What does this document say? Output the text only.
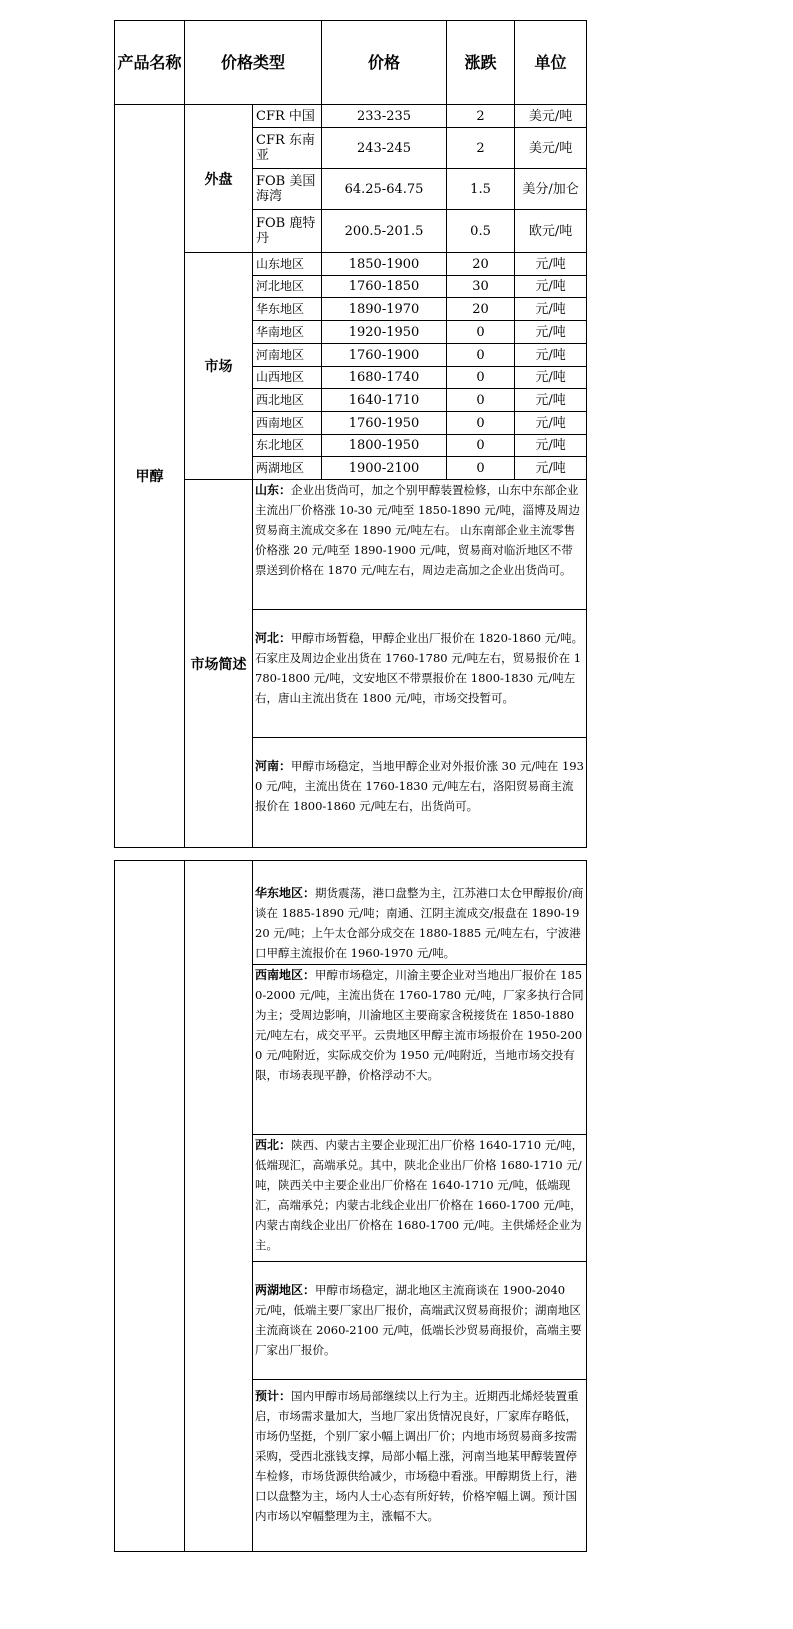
产品名称	价格类型		价格	涨跌	单位
甲醇	外盘	CFR 中国	233-235	2	美元/吨
		CFR 东南亚	243-245	2	美元/吨
		FOB 美国海湾	64.25-64.75	1.5	美分/加仑
		FOB 鹿特丹	200.5-201.5	0.5	欧元/吨
	市场	山东地区	1850-1900	20	元/吨
		河北地区	1760-1850	30	元/吨
		华东地区	1890-1970	20	元/吨
		华南地区	1920-1950	0	元/吨
		河南地区	1760-1900	0	元/吨
		山西地区	1680-1740	0	元/吨
		西北地区	1640-1710	0	元/吨
		西南地区	1760-1950	0	元/吨
		东北地区	1800-1950	0	元/吨
		两湖地区	1900-2100	0	元/吨
	市场简述	山东：企业出货尚可，加之个别甲醇装置检修，山东中东部企业主流出厂价格涨 10-30 元/吨至 1850-1890 元/吨，淄博及周边贸易商主流成交多在 1890 元/吨左右。 山东南部企业主流零售价格涨 20 元/吨至 1890-1900 元/吨，贸易商对临沂地区不带票送到价格在 1870 元/吨左右，周边走高加之企业出货尚可。			
		河北：甲醇市场暂稳，甲醇企业出厂报价在 1820-1860 元/吨。石家庄及周边企业出货在 1760-1780 元/吨左右，贸易报价在 1780-1800 元/吨，文安地区不带票报价在 1800-1830 元/吨左右，唐山主流出货在 1800 元/吨，市场交投暂可。			
		河南：甲醇市场稳定，当地甲醇企业对外报价涨 30 元/吨在 1930 元/吨，主流出货在 1760-1830 元/吨左右，洛阳贸易商主流报价在 1800-1860 元/吨左右，出货尚可。			
		华东地区：期货震荡，港口盘整为主，江苏港口太仓甲醇报价/商谈在 1885-1890 元/吨；南通、江阴主流成交/报盘在 1890-1920 元/吨；上午太仓部分成交在 1880-1885 元/吨左右，宁波港口甲醇主流报价在 1960-1970 元/吨。
西南地区：甲醇市场稳定，川渝主要企业对当地出厂报价在 1850-2000 元/吨，主流出货在 1760-1780 元/吨，厂家多执行合同为主；受周边影响，川渝地区主要商家含税接货在 1850-1880 元/吨左右，成交平平。云贵地区甲醇主流市场报价在 1950-2000 元/吨附近，实际成交价为 1950 元/吨附近，当地市场交投有限，市场表现平静，价格浮动不大。
西北：陕西、内蒙古主要企业现汇出厂价格 1640-1710 元/吨，低端现汇，高端承兑。其中，陕北企业出厂价格 1680-1710 元/吨，陕西关中主要企业出厂价格在 1640-1710 元/吨，低端现汇，高端承兑；内蒙古北线企业出厂价格在 1660-1700 元/吨，内蒙古南线企业出厂价格在 1680-1700 元/吨。主供烯烃企业为主。
两湖地区：甲醇市场稳定，湖北地区主流商谈在 1900-2040 元/吨，低端主要厂家出厂报价，高端武汉贸易商报价；湖南地区主流商谈在 2060-2100 元/吨，低端长沙贸易商报价，高端主要厂家出厂报价。
预计：国内甲醇市场局部继续以上行为主。近期西北烯烃装置重启，市场需求量加大，当地厂家出货情况良好，厂家库存略低，市场仍坚挺，个别厂家小幅上调出厂价；内地市场贸易商多按需采购，受西北涨钱支撑，局部小幅上涨，河南当地某甲醇装置停车检修，市场货源供给减少，市场稳中看涨。甲醇期货上行，港口以盘整为主，场内人士心态有所好转，价格窄幅上调。预计国内市场以窄幅整理为主，涨幅不大。
